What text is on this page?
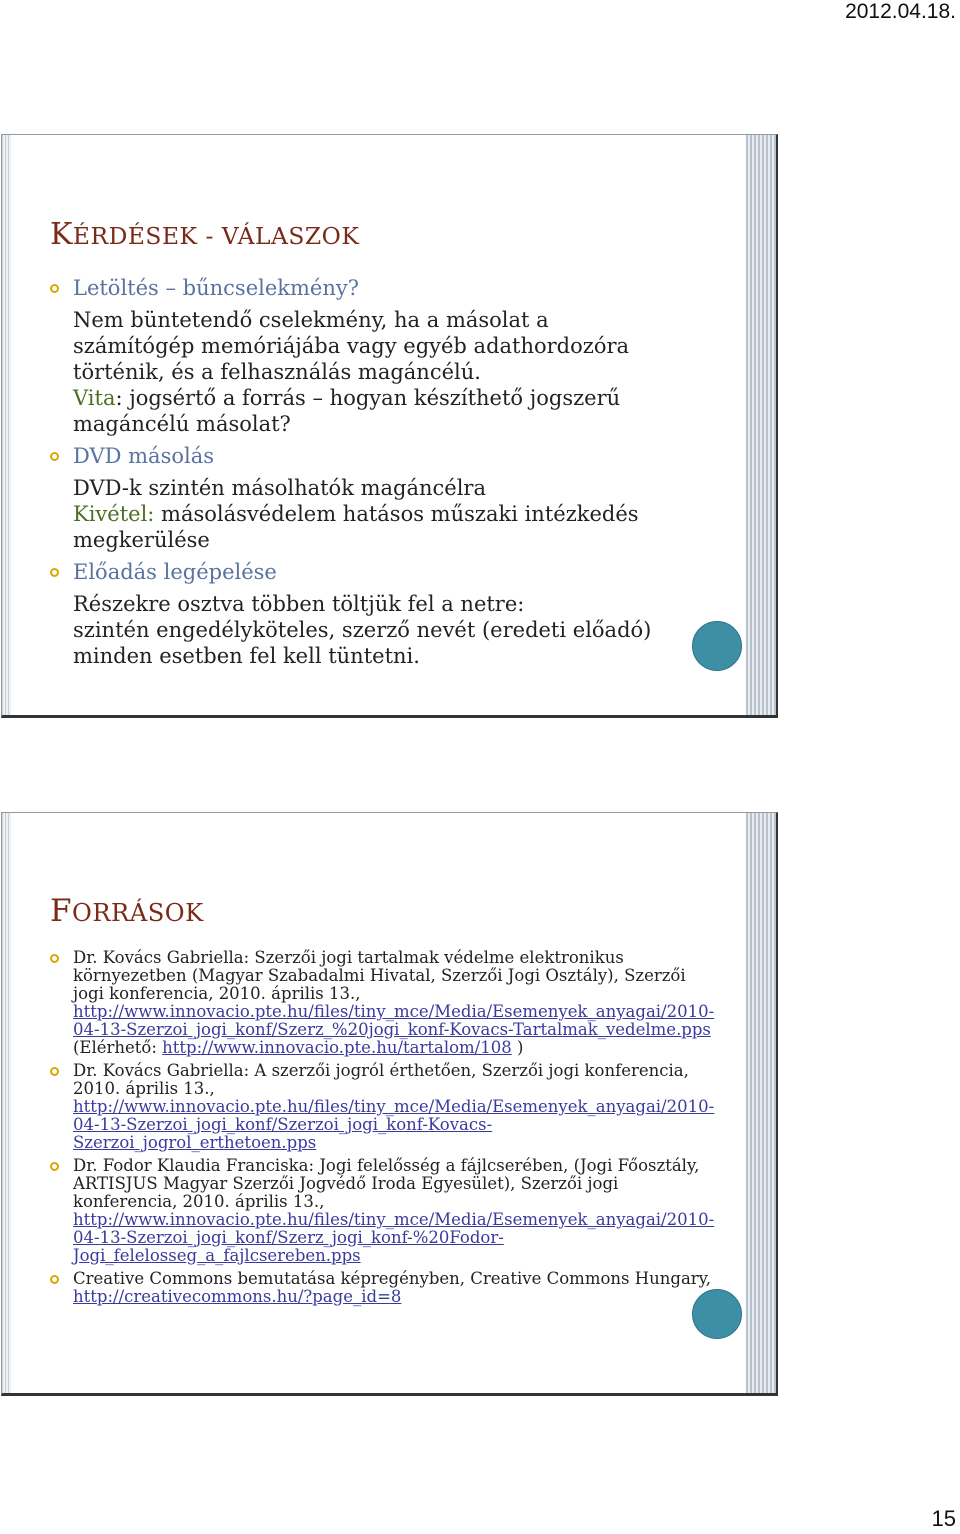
2012.04.18.
KÉRDÉSEK - VÁLASZOK

Letöltés – bűncselekmény?

Nem büntetendő cselekmény, ha a másolat a
számítógép memóriájába vagy egyéb adathordozóra
történik, és a felhasználás magáncélú.
Vita: jogsértő a forrás – hogyan készíthető jogszerű
magáncélú másolat?

DVD másolás

DVD-k szintén másolhatók magáncélra
Kivétel: másolásvédelem hatásos műszaki intézkedés
megkerülése

Előadás legépelése

Részekre osztva többen töltjük fel a netre:
szintén engedélyköteles, szerző nevét (eredeti előadó)
minden esetben fel kell tüntetni.

FORRÁSOK
Dr. Kovács Gabriella: Szerzői jogi tartalmak védelme elektronikus
környezetben (Magyar Szabadalmi Hivatal, Szerzői Jogi Osztály), Szerzői
jogi konferencia, 2010. április 13.,
http://www.innovacio.pte.hu/files/tiny_mce/Media/Esemenyek_anyagai/2010-
04-13-Szerzoi_jogi_konf/Szerz_%20jogi_konf-Kovacs-Tartalmak_vedelme.pps
(Elérhető: http://www.innovacio.pte.hu/tartalom/108 )
Dr. Kovács Gabriella: A szerzői jogról érthetően, Szerzői jogi konferencia,
2010. április 13.,
http://www.innovacio.pte.hu/files/tiny_mce/Media/Esemenyek_anyagai/2010-
04-13-Szerzoi_jogi_konf/Szerzoi_jogi_konf-Kovacs-
Szerzoi_jogrol_erthetoen.pps
Dr. Fodor Klaudia Franciska: Jogi felelősség a fájlcserében, (Jogi Főosztály,
ARTISJUS Magyar Szerzői Jogvédő Iroda Egyesület), Szerzői jogi
konferencia, 2010. április 13.,
http://www.innovacio.pte.hu/files/tiny_mce/Media/Esemenyek_anyagai/2010-
04-13-Szerzoi_jogi_konf/Szerz_jogi_konf-%20Fodor-
Jogi_felelosseg_a_fajlcsereben.pps
Creative Commons bemutatása képregényben, Creative Commons Hungary,
http://creativecommons.hu/?page_id=8
15
